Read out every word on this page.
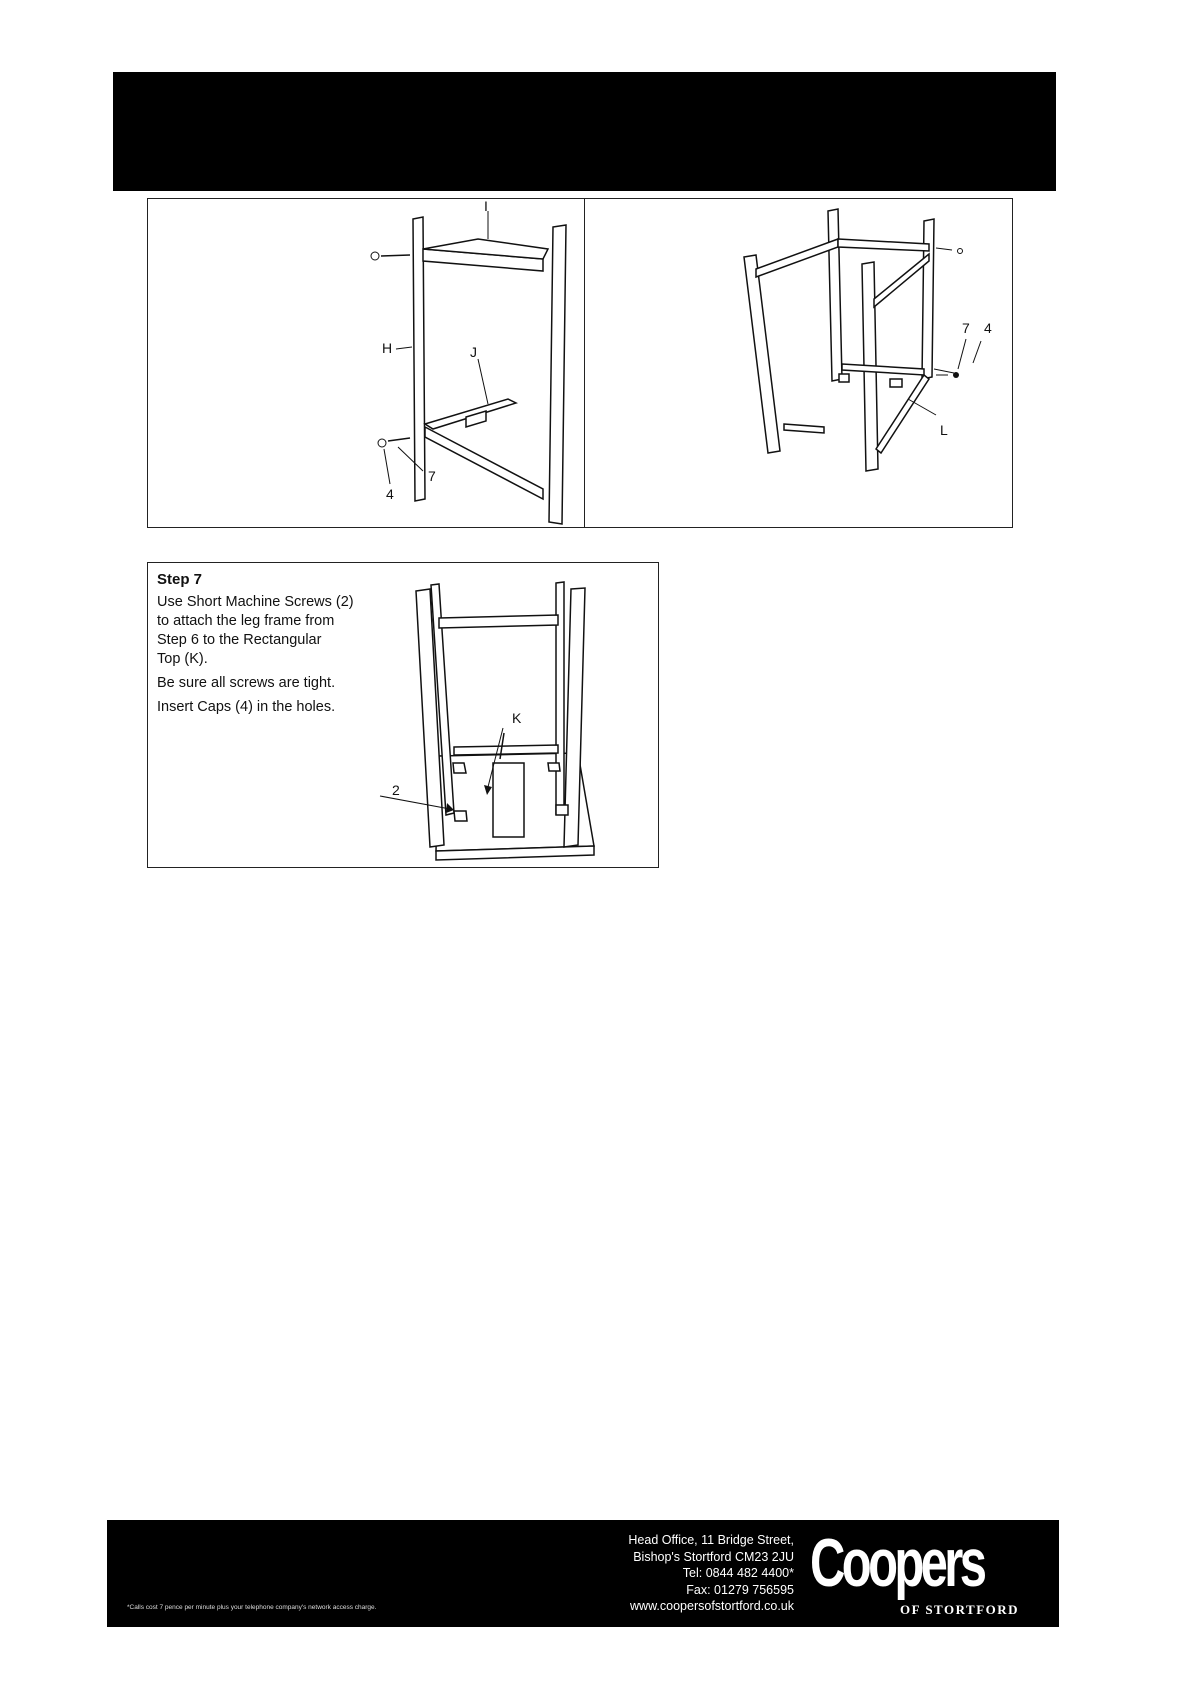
I
H	J
7
4
7 4
L
Step 7

Use Short Machine Screws (2)

to attach the leg frame from

Step 6 to the Rectangular

Top (K).

Be sure all screws are tight.

Insert Caps (4) in the holes.

K
2
*Calls cost 7 pence per minute plus your telephone company's network access charge.
Head Office, 11 Bridge Street,
Bishop's Stortford CM23 2JU
Tel: 0844 482 4400*
Fax: 01279 756595
www.coopersofstortford.co.uk
Coopers
OF STORTFORD
